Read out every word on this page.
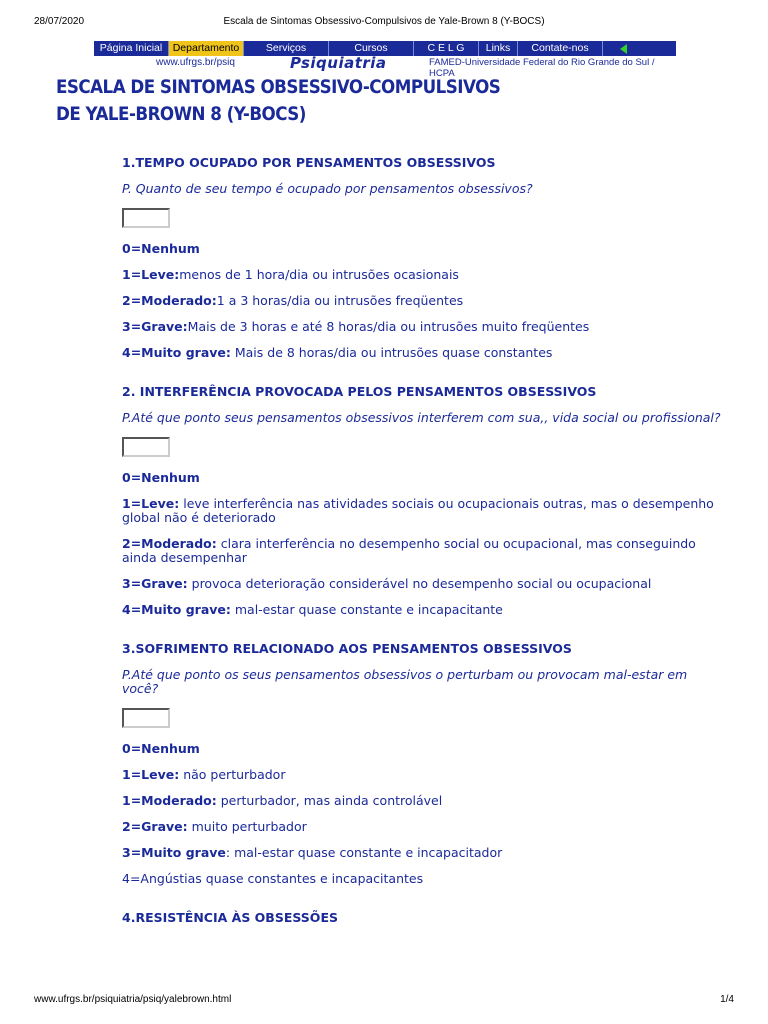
28/07/2020	Escala de Sintomas Obsessivo-Compulsivos de Yale-Brown 8 (Y-BOCS)
Página Inicial Departamento	Serviços	Cursos	C E L G	Links	Contate-nos
www.ufrgs.br/psiq	Psiquiatria	FAMED-Universidade Federal do Rio Grande do Sul / HCPA
ESCALA DE SINTOMAS OBSESSIVO-COMPULSIVOS
DE YALE-BROWN 8 (Y-BOCS)
1.TEMPO OCUPADO POR PENSAMENTOS OBSESSIVOS
P. Quanto de seu tempo é ocupado por pensamentos obsessivos?
0=Nenhum
1=Leve:menos de 1 hora/dia ou intrusões ocasionais
2=Moderado:1 a 3 horas/dia ou intrusões freqüentes
3=Grave:Mais de 3 horas e até 8 horas/dia ou intrusões muito freqüentes
4=Muito grave: Mais de 8 horas/dia ou intrusões quase constantes
2. INTERFERÊNCIA PROVOCADA PELOS PENSAMENTOS OBSESSIVOS
P.Até que ponto seus pensamentos obsessivos interferem com sua,, vida social ou profissional?
0=Nenhum
1=Leve: leve interferência nas atividades sociais ou ocupacionais outras, mas o desempenho global não é deteriorado
2=Moderado: clara interferência no desempenho social ou ocupacional, mas conseguindo ainda desempenhar
3=Grave: provoca deterioração considerável no desempenho social ou ocupacional
4=Muito grave: mal-estar quase constante e incapacitante
3.SOFRIMENTO RELACIONADO AOS PENSAMENTOS OBSESSIVOS
P.Até que ponto os seus pensamentos obsessivos o perturbam ou provocam mal-estar em você?
0=Nenhum
1=Leve: não perturbador
1=Moderado: perturbador, mas ainda controlável
2=Grave: muito perturbador
3=Muito grave: mal-estar quase constante e incapacitador
4=Angústias quase constantes e incapacitantes
4.RESISTÊNCIA ÀS OBSESSÕES
www.ufrgs.br/psiquiatria/psiq/yalebrown.html	1/4
